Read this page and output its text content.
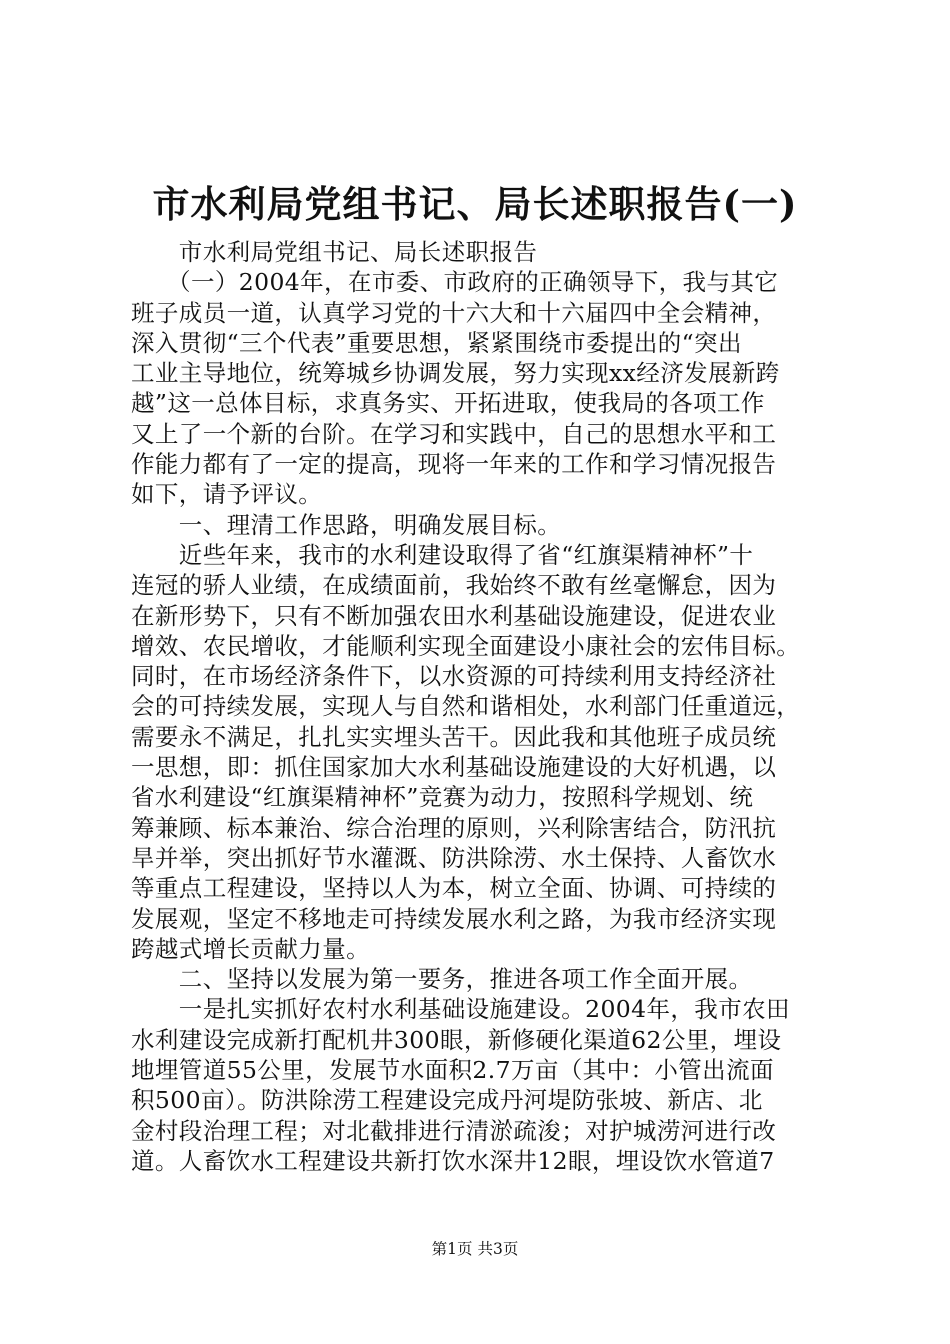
市水利局党组书记、局长述职报告(一)
　　市水利局党组书记、局长述职报告
　　（一）2004年，在市委、市政府的正确领导下，我与其它
班子成员一道，认真学习党的十六大和十六届四中全会精神，
深入贯彻“三个代表”重要思想，紧紧围绕市委提出的“突出
工业主导地位，统筹城乡协调发展，努力实现xx经济发展新跨
越”这一总体目标，求真务实、开拓进取，使我局的各项工作
又上了一个新的台阶。在学习和实践中，自己的思想水平和工
作能力都有了一定的提高，现将一年来的工作和学习情况报告
如下，请予评议。
　　一、理清工作思路，明确发展目标。
　　近些年来，我市的水利建设取得了省“红旗渠精神杯”十
连冠的骄人业绩，在成绩面前，我始终不敢有丝毫懈怠，因为
在新形势下，只有不断加强农田水利基础设施建设，促进农业
增效、农民增收，才能顺利实现全面建设小康社会的宏伟目标。
同时，在市场经济条件下，以水资源的可持续利用支持经济社
会的可持续发展，实现人与自然和谐相处，水利部门任重道远，
需要永不满足，扎扎实实埋头苦干。因此我和其他班子成员统
一思想，即：抓住国家加大水利基础设施建设的大好机遇，以
省水利建设“红旗渠精神杯”竞赛为动力，按照科学规划、统
筹兼顾、标本兼治、综合治理的原则，兴利除害结合，防汛抗
旱并举，突出抓好节水灌溉、防洪除涝、水土保持、人畜饮水
等重点工程建设，坚持以人为本，树立全面、协调、可持续的
发展观，坚定不移地走可持续发展水利之路，为我市经济实现
跨越式增长贡献力量。
　　二、坚持以发展为第一要务，推进各项工作全面开展。
　　一是扎实抓好农村水利基础设施建设。2004年，我市农田
水利建设完成新打配机井300眼，新修硬化渠道62公里，埋设
地埋管道55公里，发展节水面积2.7万亩（其中：小管出流面
积500亩）。防洪除涝工程建设完成丹河堤防张坡、新店、北
金村段治理工程；对北截排进行清淤疏浚；对护城涝河进行改
道。人畜饮水工程建设共新打饮水深井12眼，埋设饮水管道7
第1页 共3页
